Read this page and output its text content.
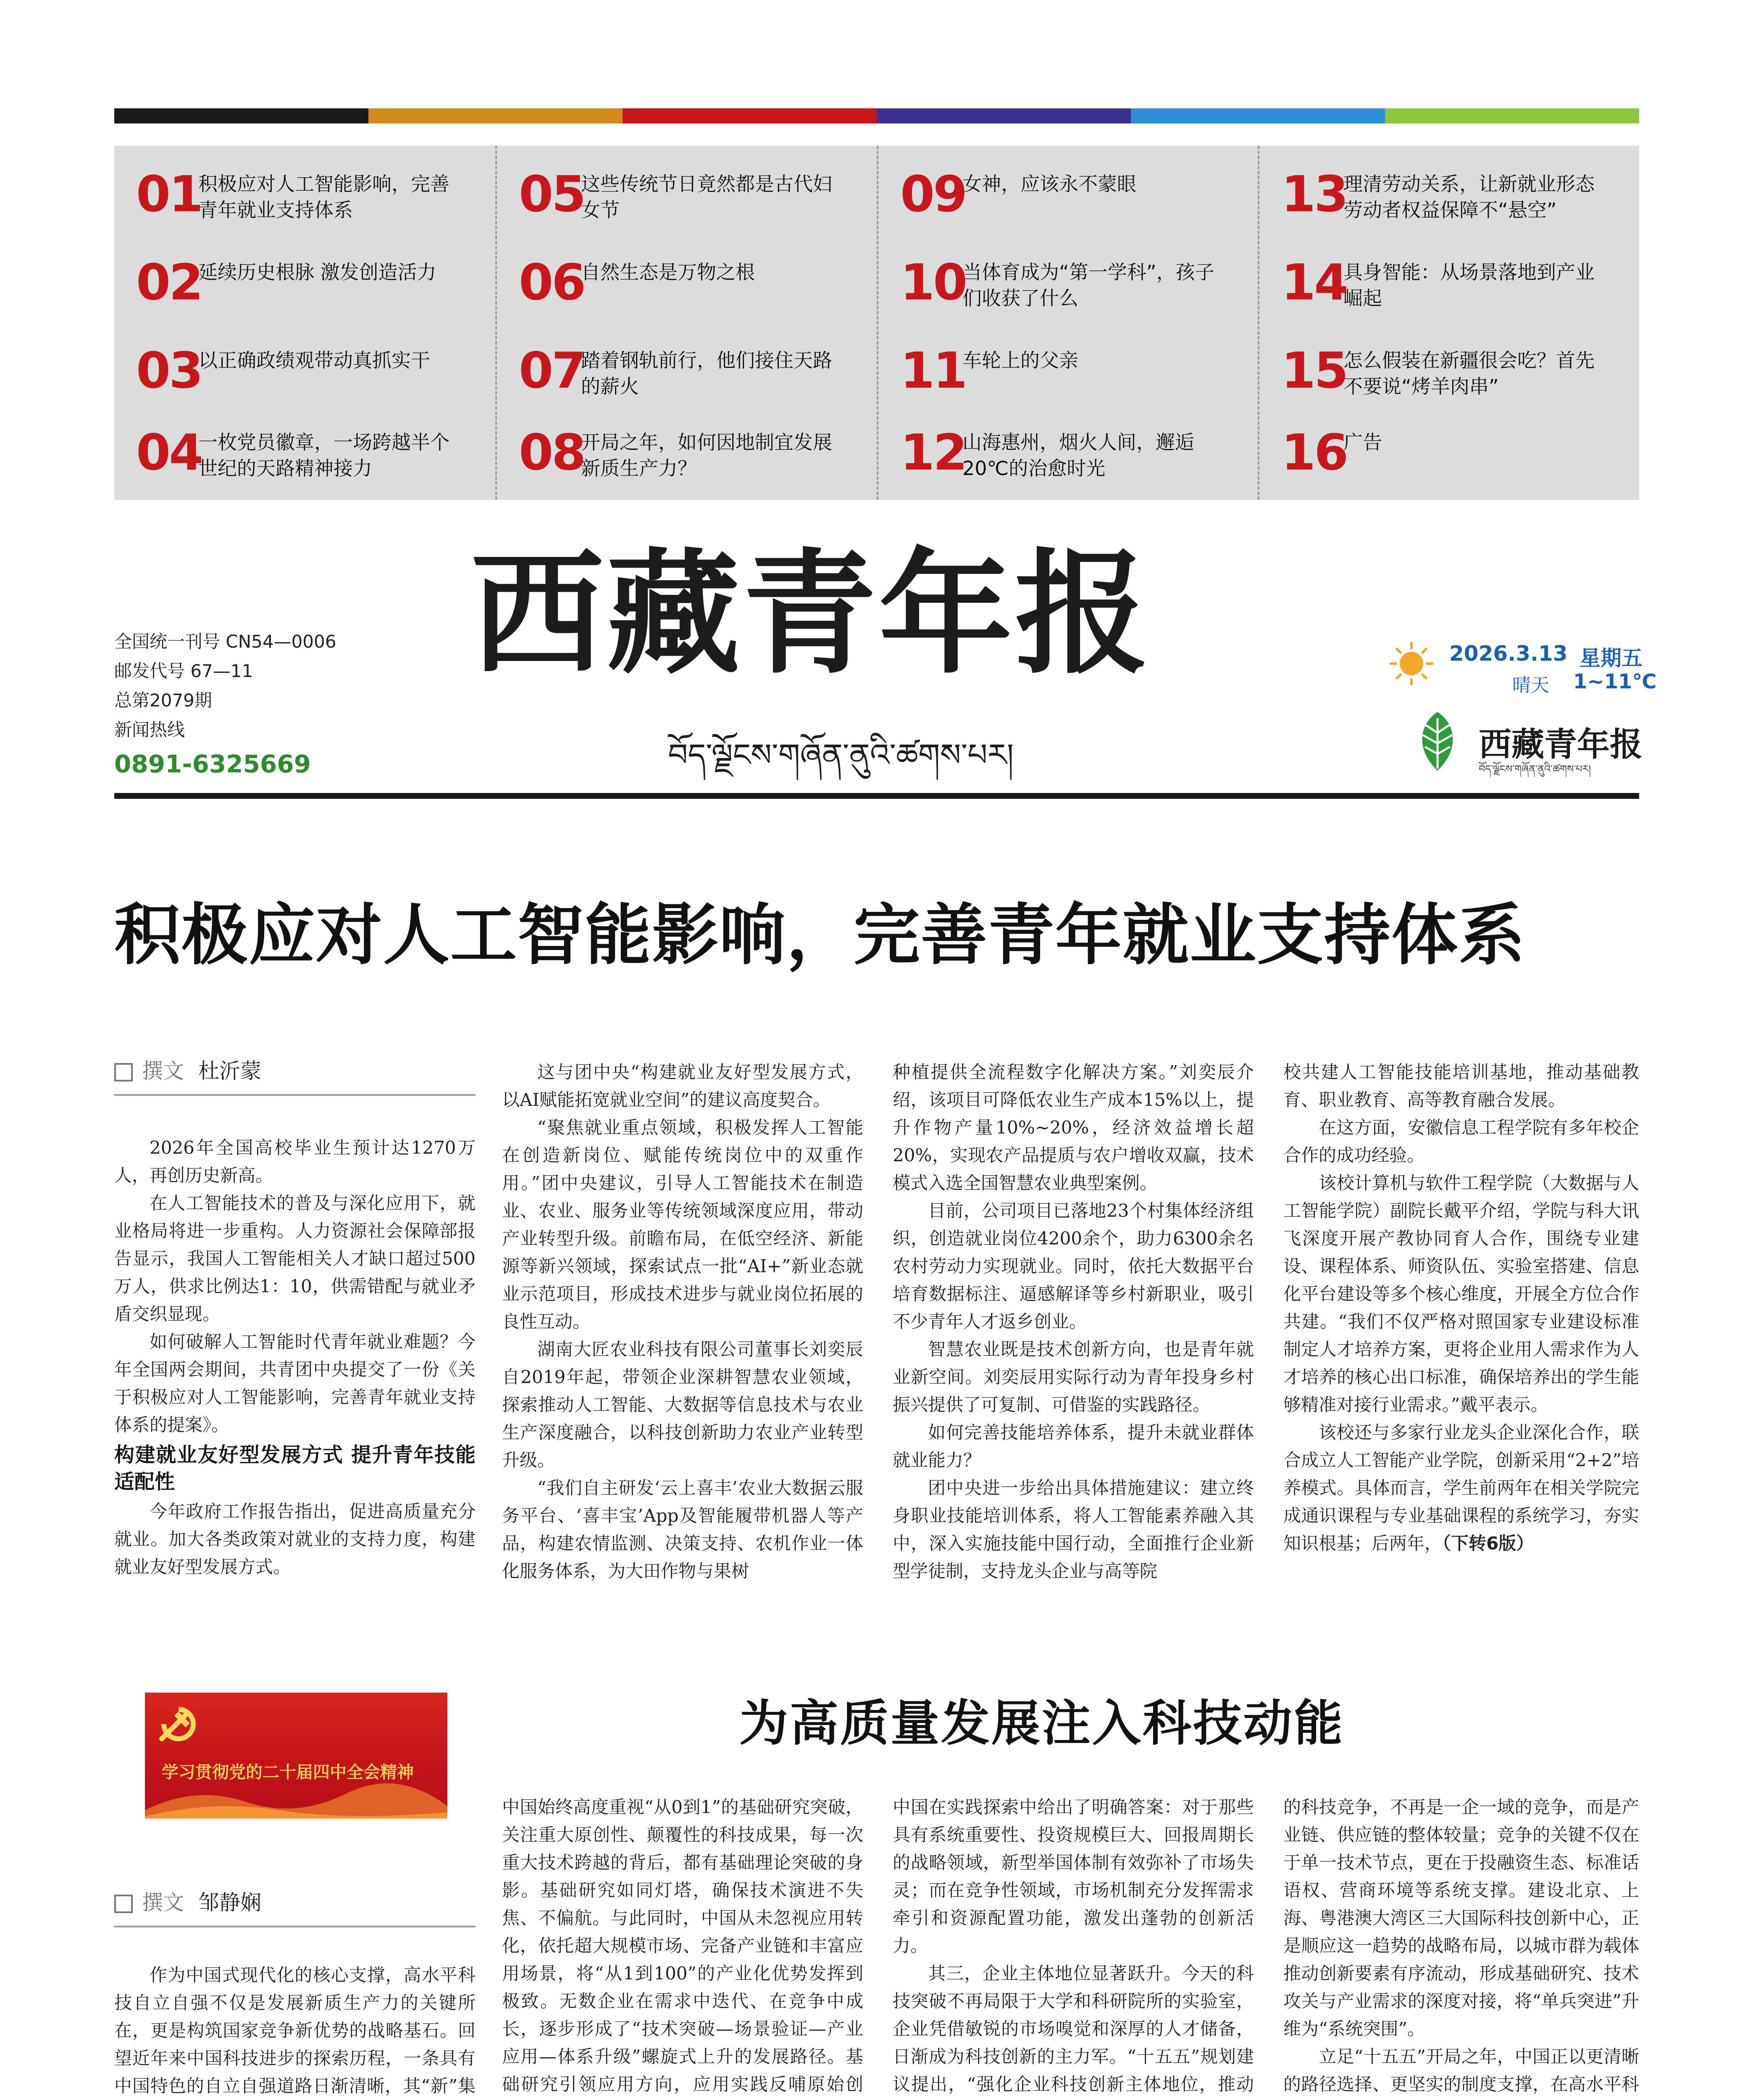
01
积极应对人工智能影响，完善青年就业支持体系
02
延续历史根脉 激发创造活力
03
以正确政绩观带动真抓实干
04
一枚党员徽章，一场跨越半个世纪的天路精神接力
05
这些传统节日竟然都是古代妇女节
06
自然生态是万物之根
07
踏着钢轨前行，他们接住天路的薪火
08
开局之年，如何因地制宜发展新质生产力？
09
女神，应该永不蒙眼
10
当体育成为“第一学科”，孩子们收获了什么
11
车轮上的父亲
12
山海惠州，烟火人间，邂逅20℃的治愈时光
13
理清劳动关系，让新就业形态劳动者权益保障不“悬空”
14
具身智能：从场景落地到产业崛起
15
怎么假装在新疆很会吃？首先不要说“烤羊肉串”
16
广告
西藏青年报
བོད་ལྗོངས་གཞོན་ནུའི་ཚགས་པར།
全国统一刊号 CN54—0006
邮发代号 67—11
总第2079期
新闻热线
0891-6325669
2026.3.13 星期五
晴天 1~11℃
西藏青年报
བོད་ལྗོངས་གཞོན་ནུའི་ཚགས་པར།
积极应对人工智能影响，完善青年就业支持体系
撰文 杜沂蒙

2026年全国高校毕业生预计达1270万人，再创历史新高。

在人工智能技术的普及与深化应用下，就业格局将进一步重构。人力资源社会保障部报告显示，我国人工智能相关人才缺口超过500万人，供求比例达1：10，供需错配与就业矛盾交织显现。

如何破解人工智能时代青年就业难题？今年全国两会期间，共青团中央提交了一份《关于积极应对人工智能影响，完善青年就业支持体系的提案》。

构建就业友好型发展方式 提升青年技能适配性

今年政府工作报告指出，促进高质量充分就业。加大各类政策对就业的支持力度，构建就业友好型发展方式。

这与团中央“构建就业友好型发展方式，以AI赋能拓宽就业空间”的建议高度契合。

“聚焦就业重点领域，积极发挥人工智能在创造新岗位、赋能传统岗位中的双重作用。”团中央建议，引导人工智能技术在制造业、农业、服务业等传统领域深度应用，带动产业转型升级。前瞻布局，在低空经济、新能源等新兴领域，探索试点一批“AI+”新业态就业示范项目，形成技术进步与就业岗位拓展的良性互动。

湖南大匠农业科技有限公司董事长刘奕辰自2019年起，带领企业深耕智慧农业领域，探索推动人工智能、大数据等信息技术与农业生产深度融合，以科技创新助力农业产业转型升级。

“我们自主研发‘云上喜丰’农业大数据云服务平台、‘喜丰宝’App及智能履带机器人等产品，构建农情监测、决策支持、农机作业一体化服务体系，为大田作物与果树

种植提供全流程数字化解决方案。”刘奕辰介绍，该项目可降低农业生产成本15%以上，提升作物产量10%~20%，经济效益增长超20%，实现农产品提质与农户增收双赢，技术模式入选全国智慧农业典型案例。

目前，公司项目已落地23个村集体经济组织，创造就业岗位4200余个，助力6300余名农村劳动力实现就业。同时，依托大数据平台培育数据标注、逼感解译等乡村新职业，吸引不少青年人才返乡创业。

智慧农业既是技术创新方向，也是青年就业新空间。刘奕辰用实际行动为青年投身乡村振兴提供了可复制、可借鉴的实践路径。

如何完善技能培养体系，提升未就业群体就业能力？

团中央进一步给出具体措施建议：建立终身职业技能培训体系，将人工智能素养融入其中，深入实施技能中国行动，全面推行企业新型学徒制，支持龙头企业与高等院

校共建人工智能技能培训基地，推动基础教育、职业教育、高等教育融合发展。

在这方面，安徽信息工程学院有多年校企合作的成功经验。

该校计算机与软件工程学院（大数据与人工智能学院）副院长戴平介绍，学院与科大讯飞深度开展产教协同育人合作，围绕专业建设、课程体系、师资队伍、实验室搭建、信息化平台建设等多个核心维度，开展全方位合作共建。“我们不仅严格对照国家专业建设标准制定人才培养方案，更将企业用人需求作为人才培养的核心出口标准，确保培养出的学生能够精准对接行业需求。”戴平表示。

该校还与多家行业龙头企业深化合作，联合成立人工智能产业学院，创新采用“2+2”培养模式。具体而言，学生前两年在相关学院完成通识课程与专业基础课程的系统学习，夯实知识根基；后两年，（下转6版）

学习贯彻党的二十届四中全会精神
为高质量发展注入科技动能
撰文 邹静娴

作为中国式现代化的核心支撑，高水平科技自立自强不仅是发展新质生产力的关键所在，更是构筑国家竞争新优势的战略基石。回望近年来中国科技进步的探索历程，一条具有中国特色的自立自强道路日渐清晰，其“新”集

中国始终高度重视“从0到1”的基础研究突破，关注重大原创性、颠覆性的科技成果，每一次重大技术跨越的背后，都有基础理论突破的身影。基础研究如同灯塔，确保技术演进不失焦、不偏航。与此同时，中国从未忽视应用转化，依托超大规模市场、完备产业链和丰富应用场景，将“从1到100”的产业化优势发挥到极致。无数企业在需求中迭代、在竞争中成长，逐步形成了“技术突破—场景验证—产业应用—体系升级”螺旋式上升的发展路径。基础研究引领应用方向，应用实践反哺原始创

中国在实践探索中给出了明确答案：对于那些具有系统重要性、投资规模巨大、回报周期长的战略领域，新型举国体制有效弥补了市场失灵；而在竞争性领域，市场机制充分发挥需求牵引和资源配置功能，激发出蓬勃的创新活力。

其三，企业主体地位显著跃升。今天的科技突破不再局限于大学和科研院所的实验室，企业凭借敏锐的市场嗅觉和深厚的人才储备，日渐成为科技创新的主力军。“十五五”规划建议提出，“强化企业科技创新主体地位，推动

的科技竞争，不再是一企一域的竞争，而是产业链、供应链的整体较量；竞争的关键不仅在于单一技术节点，更在于投融资生态、标准话语权、营商环境等系统支撑。建设北京、上海、粤港澳大湾区三大国际科技创新中心，正是顺应这一趋势的战略布局，以城市群为载体推动创新要素有序流动，形成基础研究、技术攻关与产业需求的深度对接，将“单兵突进”升维为“系统突围”。

立足“十五五”开局之年，中国正以更清晰的路径选择、更坚实的制度支撑，在高水平科
